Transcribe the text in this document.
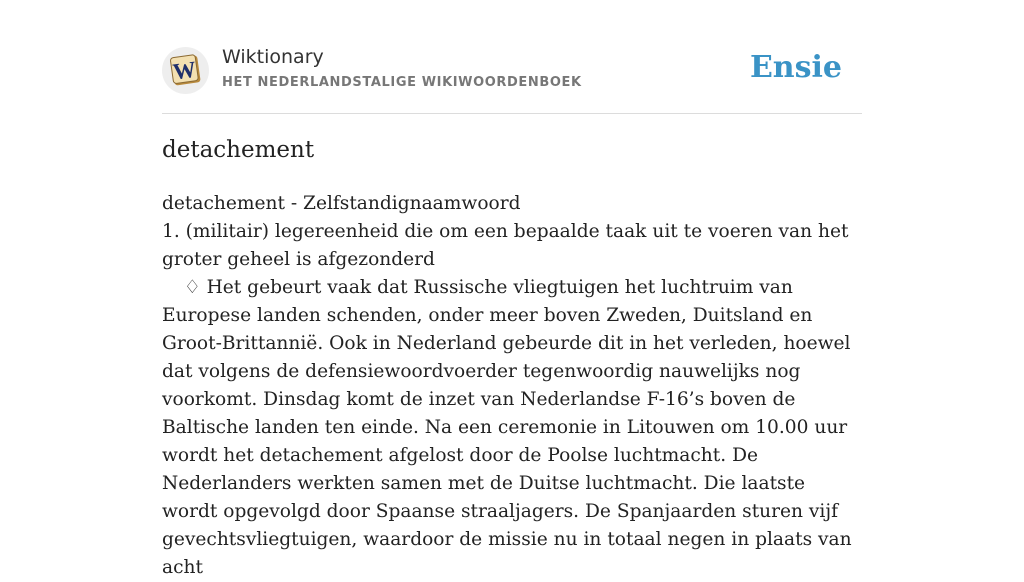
W Wiktionary
HET NEDERLANDSTALIGE WIKIWOORDENBOEK	Ensie
detachement

detachement - Zelfstandignaamwoord

1. (militair) legereenheid die om een bepaalde taak uit te voeren van het groter geheel is afgezonderd

♢ Het gebeurt vaak dat Russische vliegtuigen het luchtruim van Europese landen schenden, onder meer boven Zweden, Duitsland en Groot-Brittannië. Ook in Nederland gebeurde dit in het verleden, hoewel dat volgens de defensiewoordvoerder tegenwoordig nauwelijks nog voorkomt. Dinsdag komt de inzet van Nederlandse F-16’s boven de Baltische landen ten einde. Na een ceremonie in Litouwen om 10.00 uur wordt het detachement afgelost door de Poolse luchtmacht. De Nederlanders werkten samen met de Duitse luchtmacht. Die laatste wordt opgevolgd door Spaanse straaljagers. De Spanjaarden sturen vijf gevechtsvliegtuigen, waardoor de missie nu in totaal negen in plaats van acht
